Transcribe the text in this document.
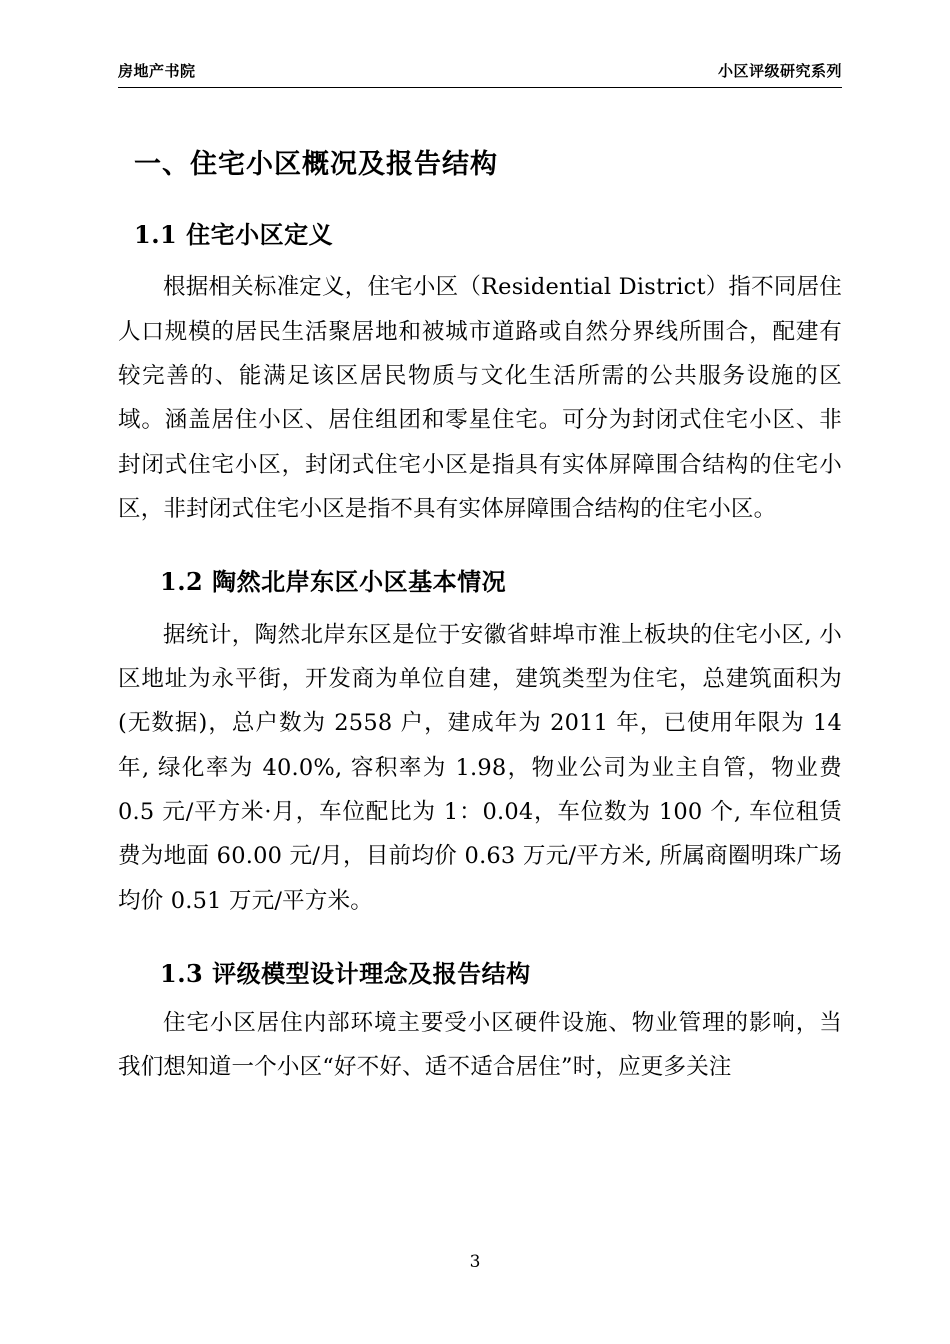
房地产书院	小区评级研究系列
一、住宅小区概况及报告结构
1.1 住宅小区定义

根据相关标准定义，住宅小区（Residential District）指不同居住人口规模的居民生活聚居地和被城市道路或自然分界线所围合，配建有较完善的、能满足该区居民物质与文化生活所需的公共服务设施的区域。涵盖居住小区、居住组团和零星住宅。可分为封闭式住宅小区、非封闭式住宅小区，封闭式住宅小区是指具有实体屏障围合结构的住宅小区，非封闭式住宅小区是指不具有实体屏障围合结构的住宅小区。

1.2 陶然北岸东区小区基本情况

据统计，陶然北岸东区是位于安徽省蚌埠市淮上板块的住宅小区, 小区地址为永平街，开发商为单位自建，建筑类型为住宅，总建筑面积为(无数据)，总户数为 2558 户，建成年为 2011 年，已使用年限为 14 年, 绿化率为 40.0%, 容积率为 1.98，物业公司为业主自管，物业费 0.5 元/平方米·月，车位配比为 1：0.04，车位数为 100 个, 车位租赁费为地面 60.00 元/月，目前均价 0.63 万元/平方米, 所属商圈明珠广场均价 0.51 万元/平方米。

1.3 评级模型设计理念及报告结构

住宅小区居住内部环境主要受小区硬件设施、物业管理的影响，当我们想知道一个小区“好不好、适不适合居住”时，应更多关注

3
